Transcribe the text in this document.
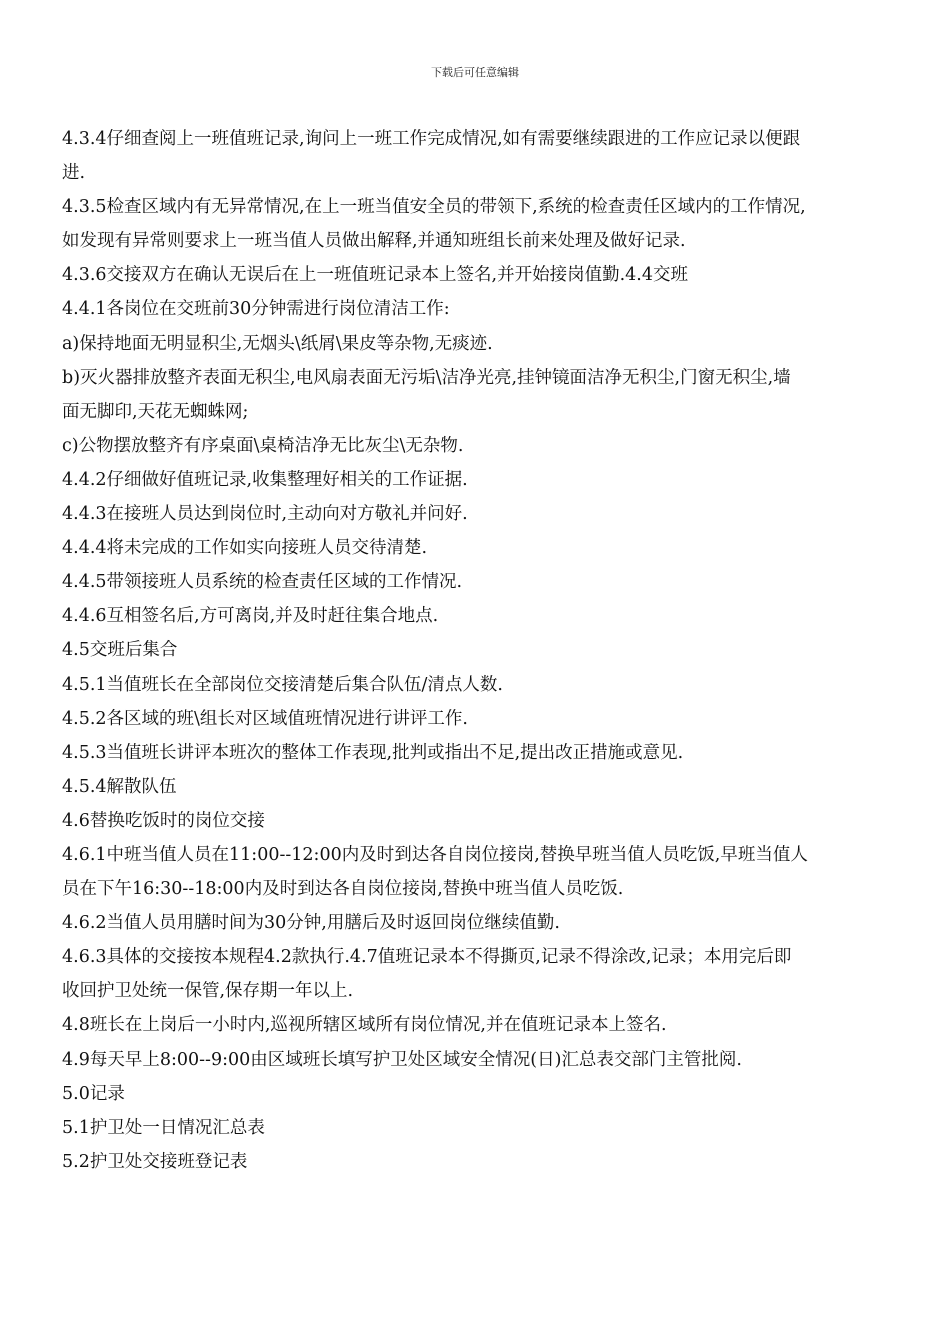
下载后可任意编辑

4.3.4仔细查阅上一班值班记录,询问上一班工作完成情况,如有需要继续跟进的工作应记录以便跟

进.

4.3.5检查区域内有无异常情况,在上一班当值安全员的带领下,系统的检查责任区域内的工作情况,

如发现有异常则要求上一班当值人员做出解释,并通知班组长前来处理及做好记录.

4.3.6交接双方在确认无误后在上一班值班记录本上签名,并开始接岗值勤.4.4交班

4.4.1各岗位在交班前30分钟需进行岗位清洁工作:

a)保持地面无明显积尘,无烟头\纸屑\果皮等杂物,无痰迹.

b)灭火器排放整齐表面无积尘,电风扇表面无污垢\洁净光亮,挂钟镜面洁净无积尘,门窗无积尘,墙

面无脚印,天花无蜘蛛网;

c)公物摆放整齐有序桌面\桌椅洁净无比灰尘\无杂物.

4.4.2仔细做好值班记录,收集整理好相关的工作证据.

4.4.3在接班人员达到岗位时,主动向对方敬礼并问好.

4.4.4将未完成的工作如实向接班人员交待清楚.

4.4.5带领接班人员系统的检查责任区域的工作情况.

4.4.6互相签名后,方可离岗,并及时赶往集合地点.

4.5交班后集合

4.5.1当值班长在全部岗位交接清楚后集合队伍/清点人数.

4.5.2各区域的班\组长对区域值班情况进行讲评工作.

4.5.3当值班长讲评本班次的整体工作表现,批判或指出不足,提出改正措施或意见.

4.5.4解散队伍

4.6替换吃饭时的岗位交接

4.6.1中班当值人员在11:00--12:00内及时到达各自岗位接岗,替换早班当值人员吃饭,早班当值人

员在下午16:30--18:00内及时到达各自岗位接岗,替换中班当值人员吃饭.

4.6.2当值人员用膳时间为30分钟,用膳后及时返回岗位继续值勤.

4.6.3具体的交接按本规程4.2款执行.4.7值班记录本不得撕页,记录不得涂改,记录；本用完后即

收回护卫处统一保管,保存期一年以上.

4.8班长在上岗后一小时内,巡视所辖区域所有岗位情况,并在值班记录本上签名.

4.9每天早上8:00--9:00由区域班长填写护卫处区域安全情况(日)汇总表交部门主管批阅.

5.0记录

5.1护卫处一日情况汇总表

5.2护卫处交接班登记表
